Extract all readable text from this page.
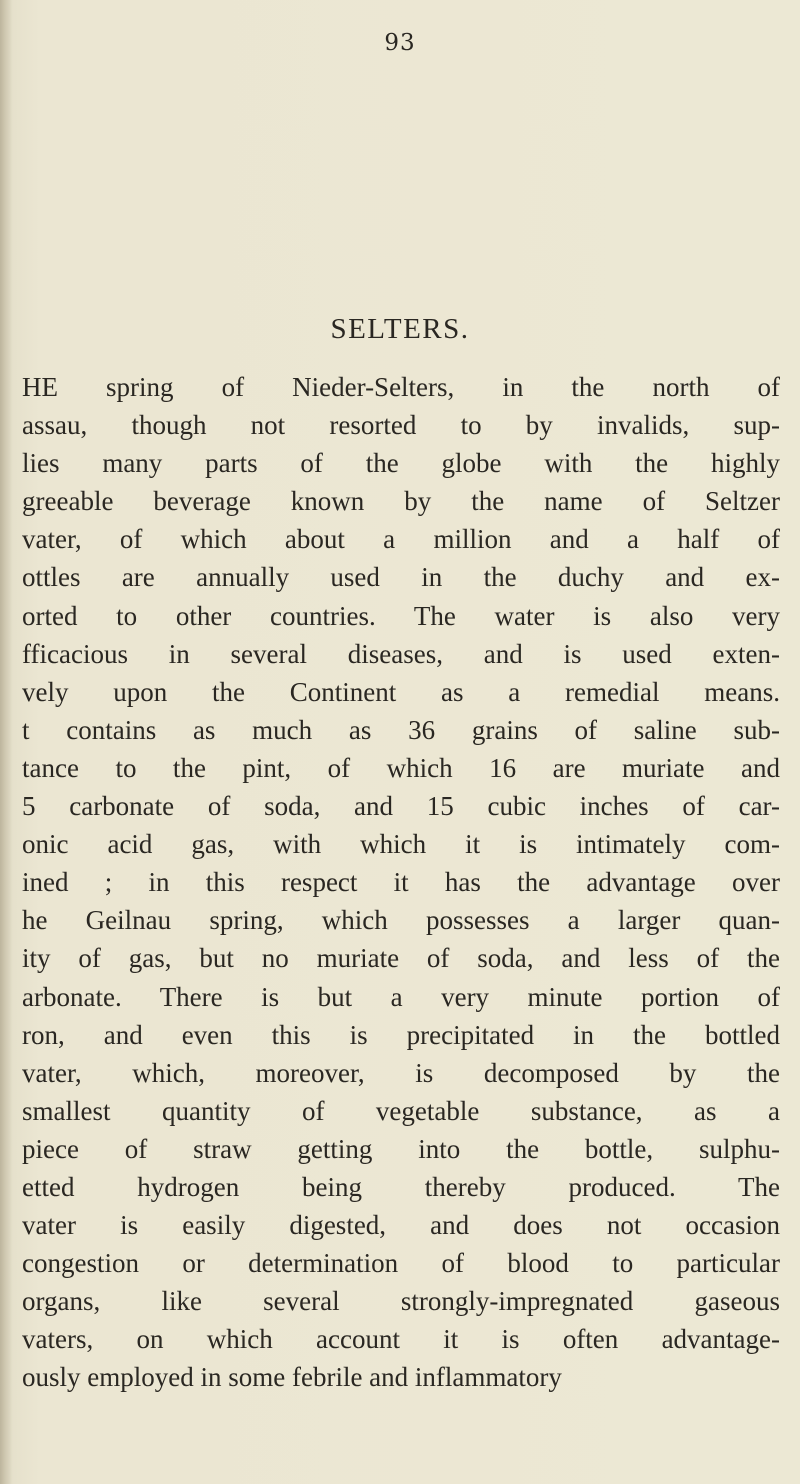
93
SELTERS.
HE spring of Nieder-Selters, in the north of
assau, though not resorted to by invalids, sup-
lies many parts of the globe with the highly
greeable beverage known by the name of Seltzer
vater, of which about a million and a half of
ottles are annually used in the duchy and ex-
orted to other countries. The water is also very
fficacious in several diseases, and is used exten-
vely upon the Continent as a remedial means.
t contains as much as 36 grains of saline sub-
tance to the pint, of which 16 are muriate and
5 carbonate of soda, and 15 cubic inches of car-
onic acid gas, with which it is intimately com-
ined ; in this respect it has the advantage over
he Geilnau spring, which possesses a larger quan-
ity of gas, but no muriate of soda, and less of the
arbonate. There is but a very minute portion of
ron, and even this is precipitated in the bottled
vater, which, moreover, is decomposed by the
smallest quantity of vegetable substance, as a
piece of straw getting into the bottle, sulphu-
etted hydrogen being thereby produced. The
vater is easily digested, and does not occasion
congestion or determination of blood to particular
organs, like several strongly-impregnated gaseous
vaters, on which account it is often advantage-
ously employed in some febrile and inflammatory
